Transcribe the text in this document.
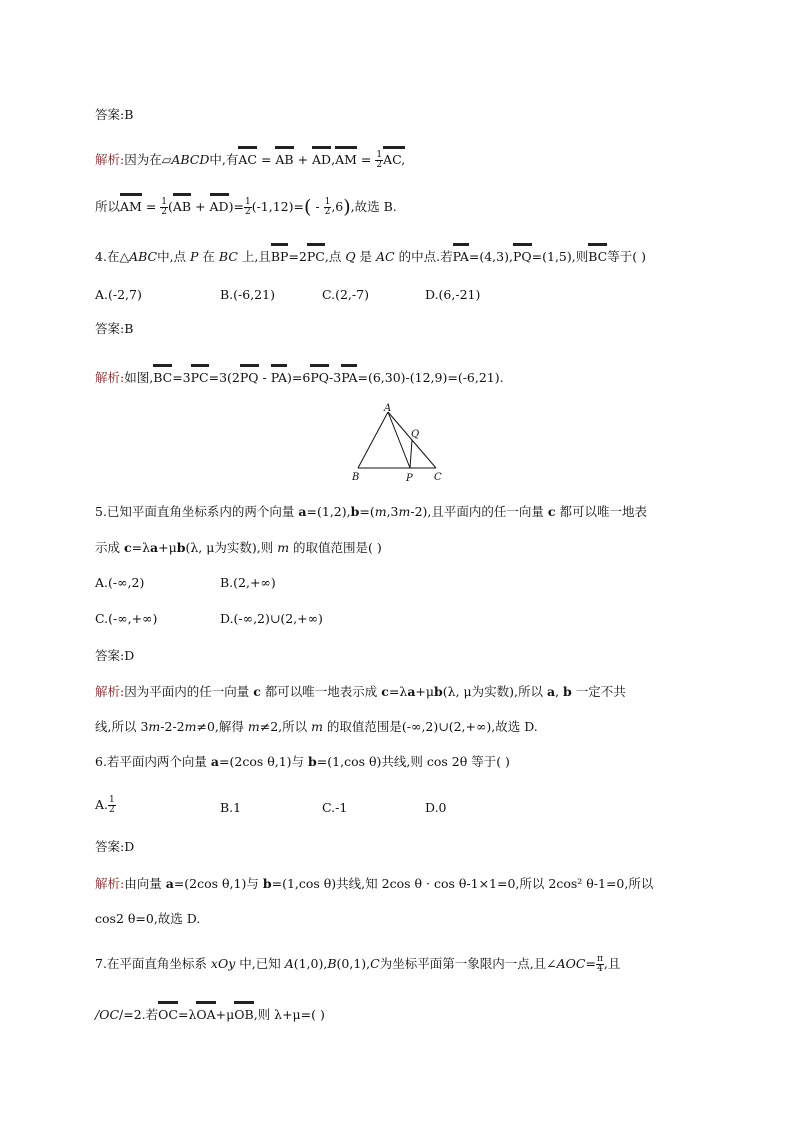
答案:B
解析:因为在▱ABCD中,有AC = AB + $AD,AM = \frac{1}{2}$ AC,
所以AM = $\frac{1}{2} (AB + AD)= \frac{1}{2} (-1,12)=( - \frac{1}{2} ,6)$,故选 B.
4.在△ABC中,点 P 在 BC 上,且BP=2PC,点 Q 是 AC 的中点.若PA=(4,3),PQ=(1,5),则BC等于( )
A.(-2,7)	B.(-6,21)	C.(2,-7)	D.(6,-21)
答案:B
解析:如图,BC=3PC=3(2PQ - PA)=6PQ-3PA=(6,30)-(12,9)=(-6,21).
A
Q
B	P C
5.已知平面直角坐标系内的两个向量 a=(1,2),b=(m,3m-2),且平面内的任一向量 c 都可以唯一地表
示成 c=λa+μb(λ, μ为实数),则 m 的取值范围是( )
A.(-∞,2)	B.(2,+∞)
C.(-∞,+∞)	D.(-∞,2)∪(2,+∞)
答案:D
解析:因为平面内的任一向量 c 都可以唯一地表示成 c=λa+μb(λ, μ为实数),所以 a, b 一定不共
线,所以 3m-2-2m≠0,解得 m≠2,所以 m 的取值范围是(-∞,2)∪(2,+∞),故选 D.
6.若平面内两个向量 a=(2cos θ,1)与 b=(1,cos θ)共线,则 cos 2θ 等于( )
A. $\frac{1}{2}$	B.1	C.-1	D.0
答案:D
解析:由向量 a=(2cos θ,1)与 b=(1,cos θ)共线,知 2cos θ · cos θ-1×1=0,所以 2cos² θ-1=0,所以
cos2 θ=0,故选 D.
7.在平面直角坐标系 xOy 中,已知 A(1,0),B(0,1),C为坐标平面第一象限内一点,且∠AOC= $\frac{\pi}{4}$ ,且
/OC/=2.若OC=λOA+μOB,则 λ+μ=( )
